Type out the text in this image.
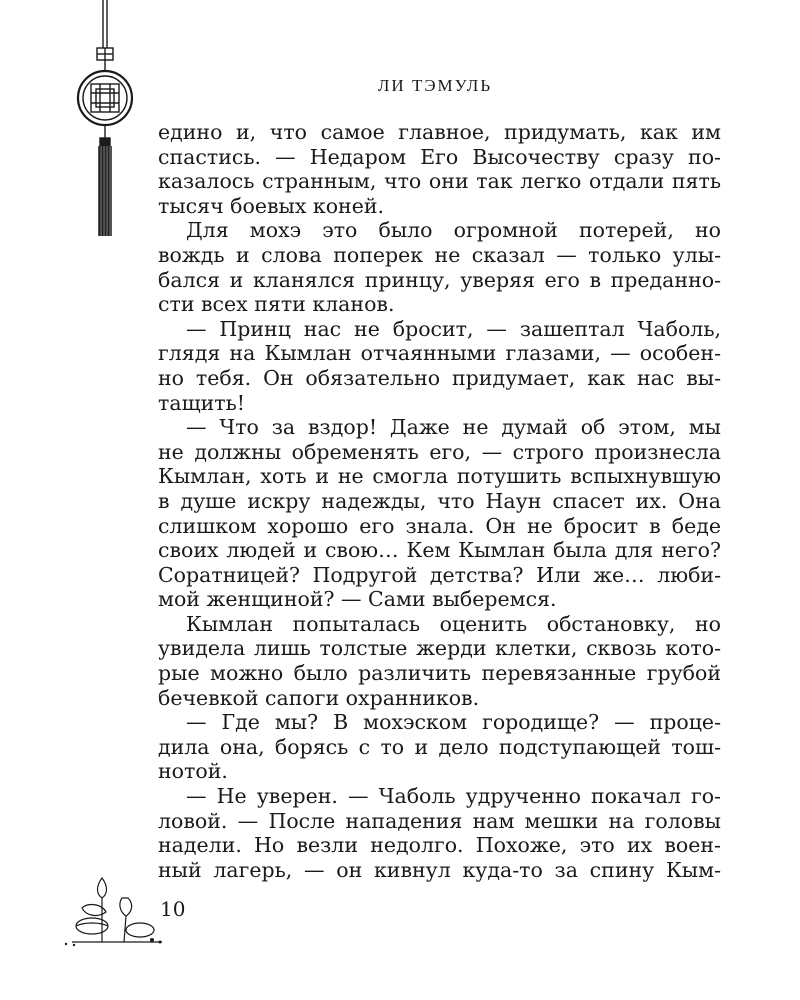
ЛИ ТЭМУЛЬ
едино и, что самое главное, придумать, как им
спастись. — Недаром Его Высочеству сразу по-
казалось странным, что они так легко отдали пять
тысяч боевых коней.
Для мохэ это было огромной потерей, но
вождь и слова поперек не сказал — только улы-
бался и кланялся принцу, уверяя его в преданно-
сти всех пяти кланов.
— Принц нас не бросит, — зашептал Чаболь,
глядя на Кымлан отчаянными глазами, — особен-
но тебя. Он обязательно придумает, как нас вы-
тащить!
— Что за вздор! Даже не думай об этом, мы
не должны обременять его, — строго произнесла
Кымлан, хоть и не смогла потушить вспыхнувшую
в душе искру надежды, что Наун спасет их. Она
слишком хорошо его знала. Он не бросит в беде
своих людей и свою… Кем Кымлан была для него?
Соратницей? Подругой детства? Или же… люби-
мой женщиной? — Сами выберемся.
Кымлан попыталась оценить обстановку, но
увидела лишь толстые жерди клетки, сквозь кото-
рые можно было различить перевязанные грубой
бечевкой сапоги охранников.
— Где мы? В мохэском городище? — проце-
дила она, борясь с то и дело подступающей тош-
нотой.
— Не уверен. — Чаболь удрученно покачал го-
ловой. — После нападения нам мешки на головы
надели. Но везли недолго. Похоже, это их воен-
ный лагерь, — он кивнул куда-то за спину Кым-
10
